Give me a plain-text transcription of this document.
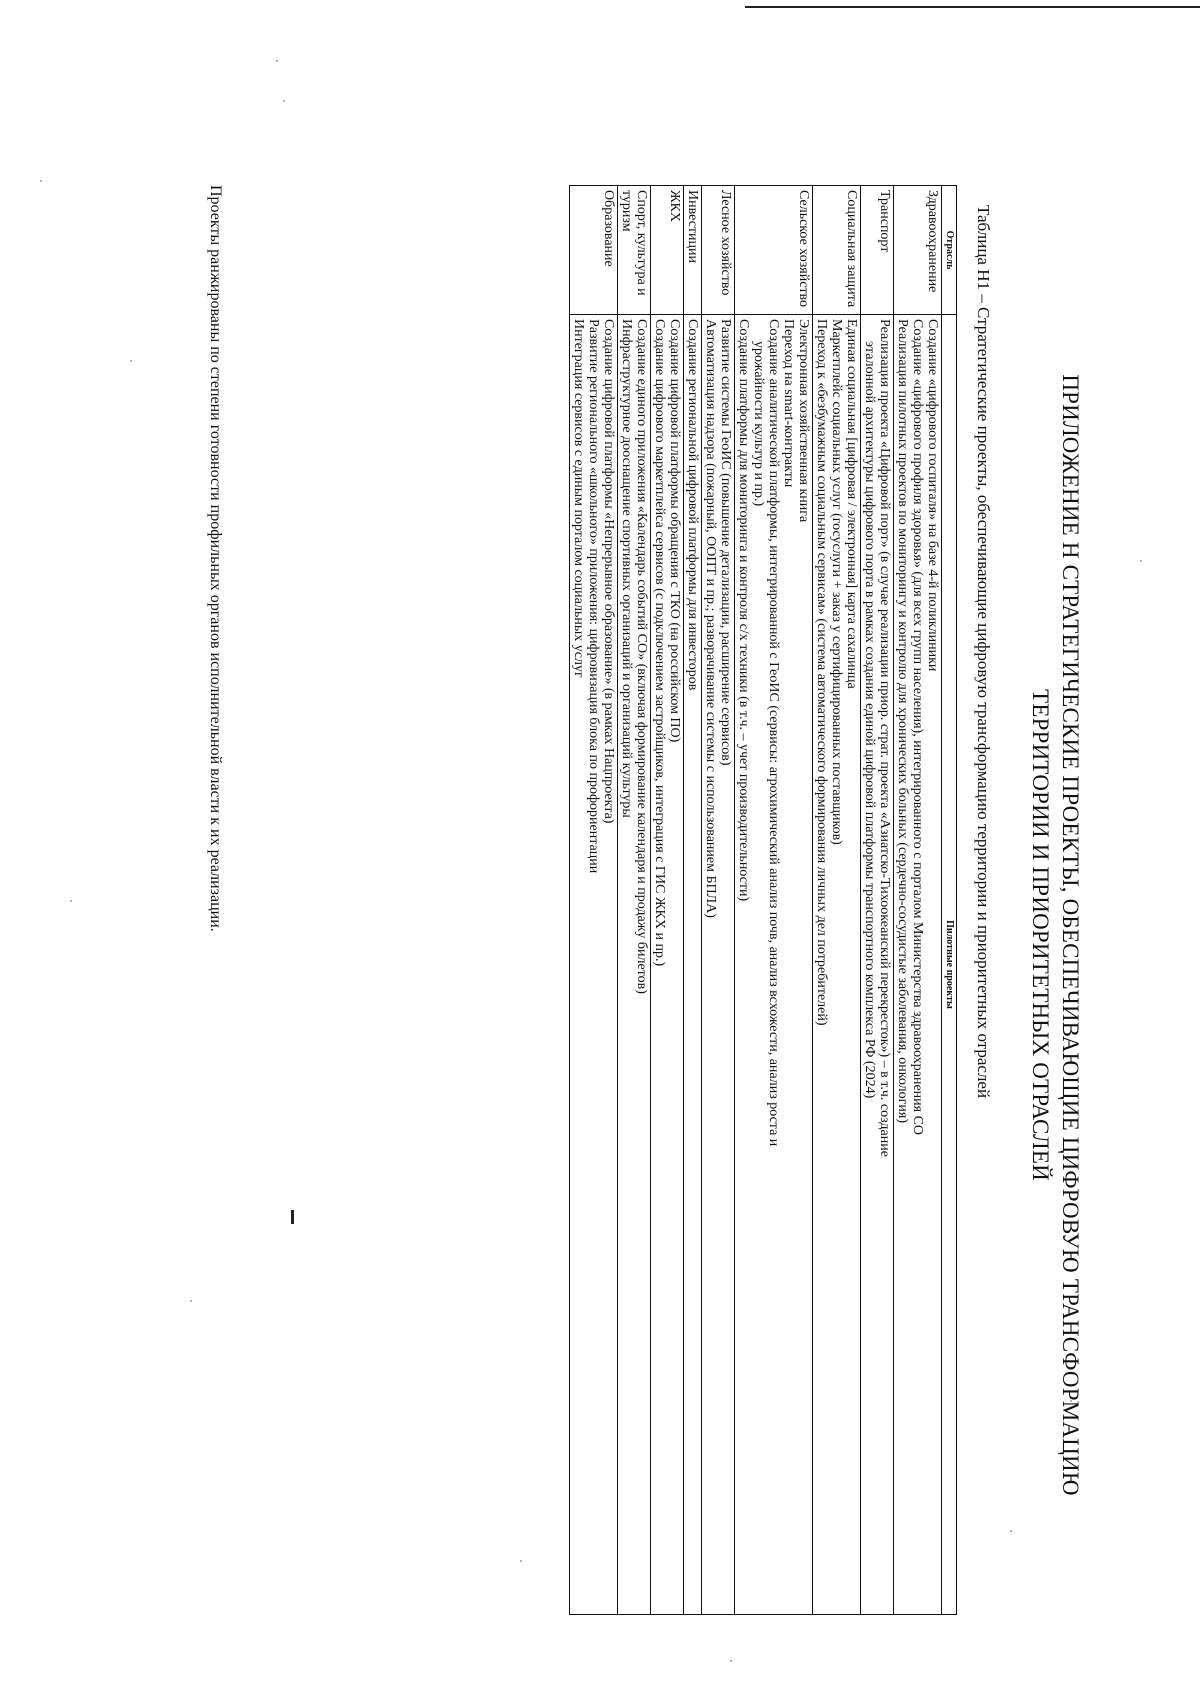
ПРИЛОЖЕНИЕ Н СТРАТЕГИЧЕСКИЕ ПРОЕКТЫ, ОБЕСПЕЧИВАЮЩИЕ ЦИФРОВУЮ ТРАНСФОРМАЦИЮ
ТЕРРИТОРИИ И ПРИОРИТЕТНЫХ ОТРАСЛЕЙ
Таблица Н1 – Стратегические проекты, обеспечивающие цифровую трансформацию территории и приоритетных отраслей
Отрасль	Пилотные проекты
Здравоохранение	Создание «цифрового госпиталя» на базе 4-й поликлиники
Создание «цифрового профиля здоровья» (для всех групп населения), интегрированного с порталом Министерства здравоохранения СО
Реализация пилотных проектов по мониторингу и контролю для хронических больных (сердечно-сосудистые заболевания, онкология)

Транспорт	Реализация проекта «Цифровой порт» (в случае реализации приор. страт. проекта «Азиатско-Тихоокеанский перекресток») – в т.ч. создание
эталонной архитектуры цифрового порта в рамках создания единой цифровой платформы транспортного комплекса РФ (2024)

Социальная защита	Единая социальная [цифровая / электронная] карта сахалинца
Маркетплейс социальных услуг (госуслуги + заказ у сертифицированных поставщиков)
Переход к «безбумажным социальным сервисам» (система автоматического формирования личных дел потребителей)

Сельское хозяйство	Электронная хозяйственная книга
Переход на smart-контракты
Создание аналитической платформы, интегрированной с ГеоИС (сервисы: агрохимический анализ почв, анализ всхожести, анализ роста и
урожайности культур и пр.)
Создание платформы для мониторинга и контроля с/х техники (в т.ч. – учет производительности)

Лесное хозяйство	Развитие системы ГеоИС (повышение детализации, расширение сервисов)
Автоматизация надзора (пожарный, ООПТ и пр.; разворачивание системы с использованием БПЛА)

Инвестиции	Создание региональной цифровой платформы для инвесторов

ЖКХ	Создание цифровой платформы обращения с ТКО (на российском ПО)
Создание цифрового маркетплейса сервисов (с подключением застройщиков, интеграция с ГИС ЖКХ и пр.)

Спорт, культура и туризм	Создание единого приложения «Календарь событий СО» (включая формирование календаря и продажу билетов)
Инфраструктурное дооснащение спортивных организаций и организаций культуры

Образование	Создание цифровой платформы «Непрерывное образование» (в рамках Нацпроекта)
Развитие регионального «школьного» приложения: цифровизация блока по профориентации
Интеграция сервисов с единым порталом социальных услуг
Проекты ранжированы по степени готовности профильных органов исполнительной власти к их реализации.
